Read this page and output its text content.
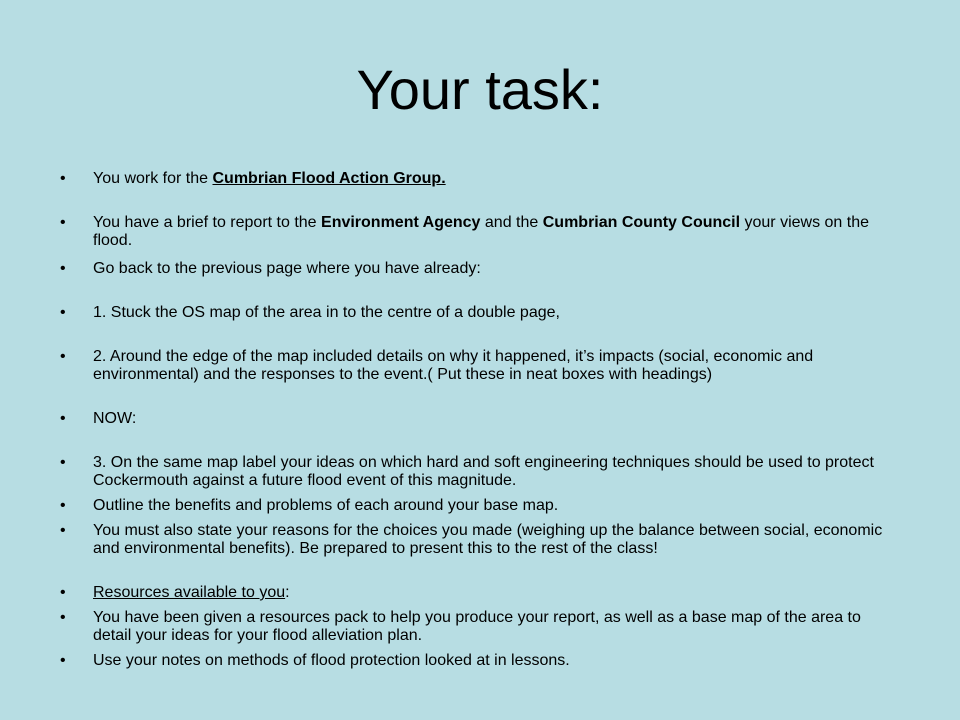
Your task:
• You work for the Cumbrian Flood Action Group.
• You have a brief to report to the Environment Agency and the Cumbrian County Council your views on the flood.
• Go back to the previous page where you have already:
• 1. Stuck the OS map of the area in to the centre of a double page,
• 2. Around the edge of the map included details on why it happened, it’s impacts (social, economic and environmental) and the responses to the event.( Put these in neat boxes with headings)
• NOW:
• 3. On the same map label your ideas on which hard and soft engineering techniques should be used to protect Cockermouth against a future flood event of this magnitude.
• Outline the benefits and problems of each around your base map.
• You must also state your reasons for the choices you made (weighing up the balance between social, economic and environmental benefits). Be prepared to present this to the rest of the class!
• Resources available to you:
• You have been given a resources pack to help you produce your report, as well as a base map of the area to detail your ideas for your flood alleviation plan.
• Use your notes on methods of flood protection looked at in lessons.
